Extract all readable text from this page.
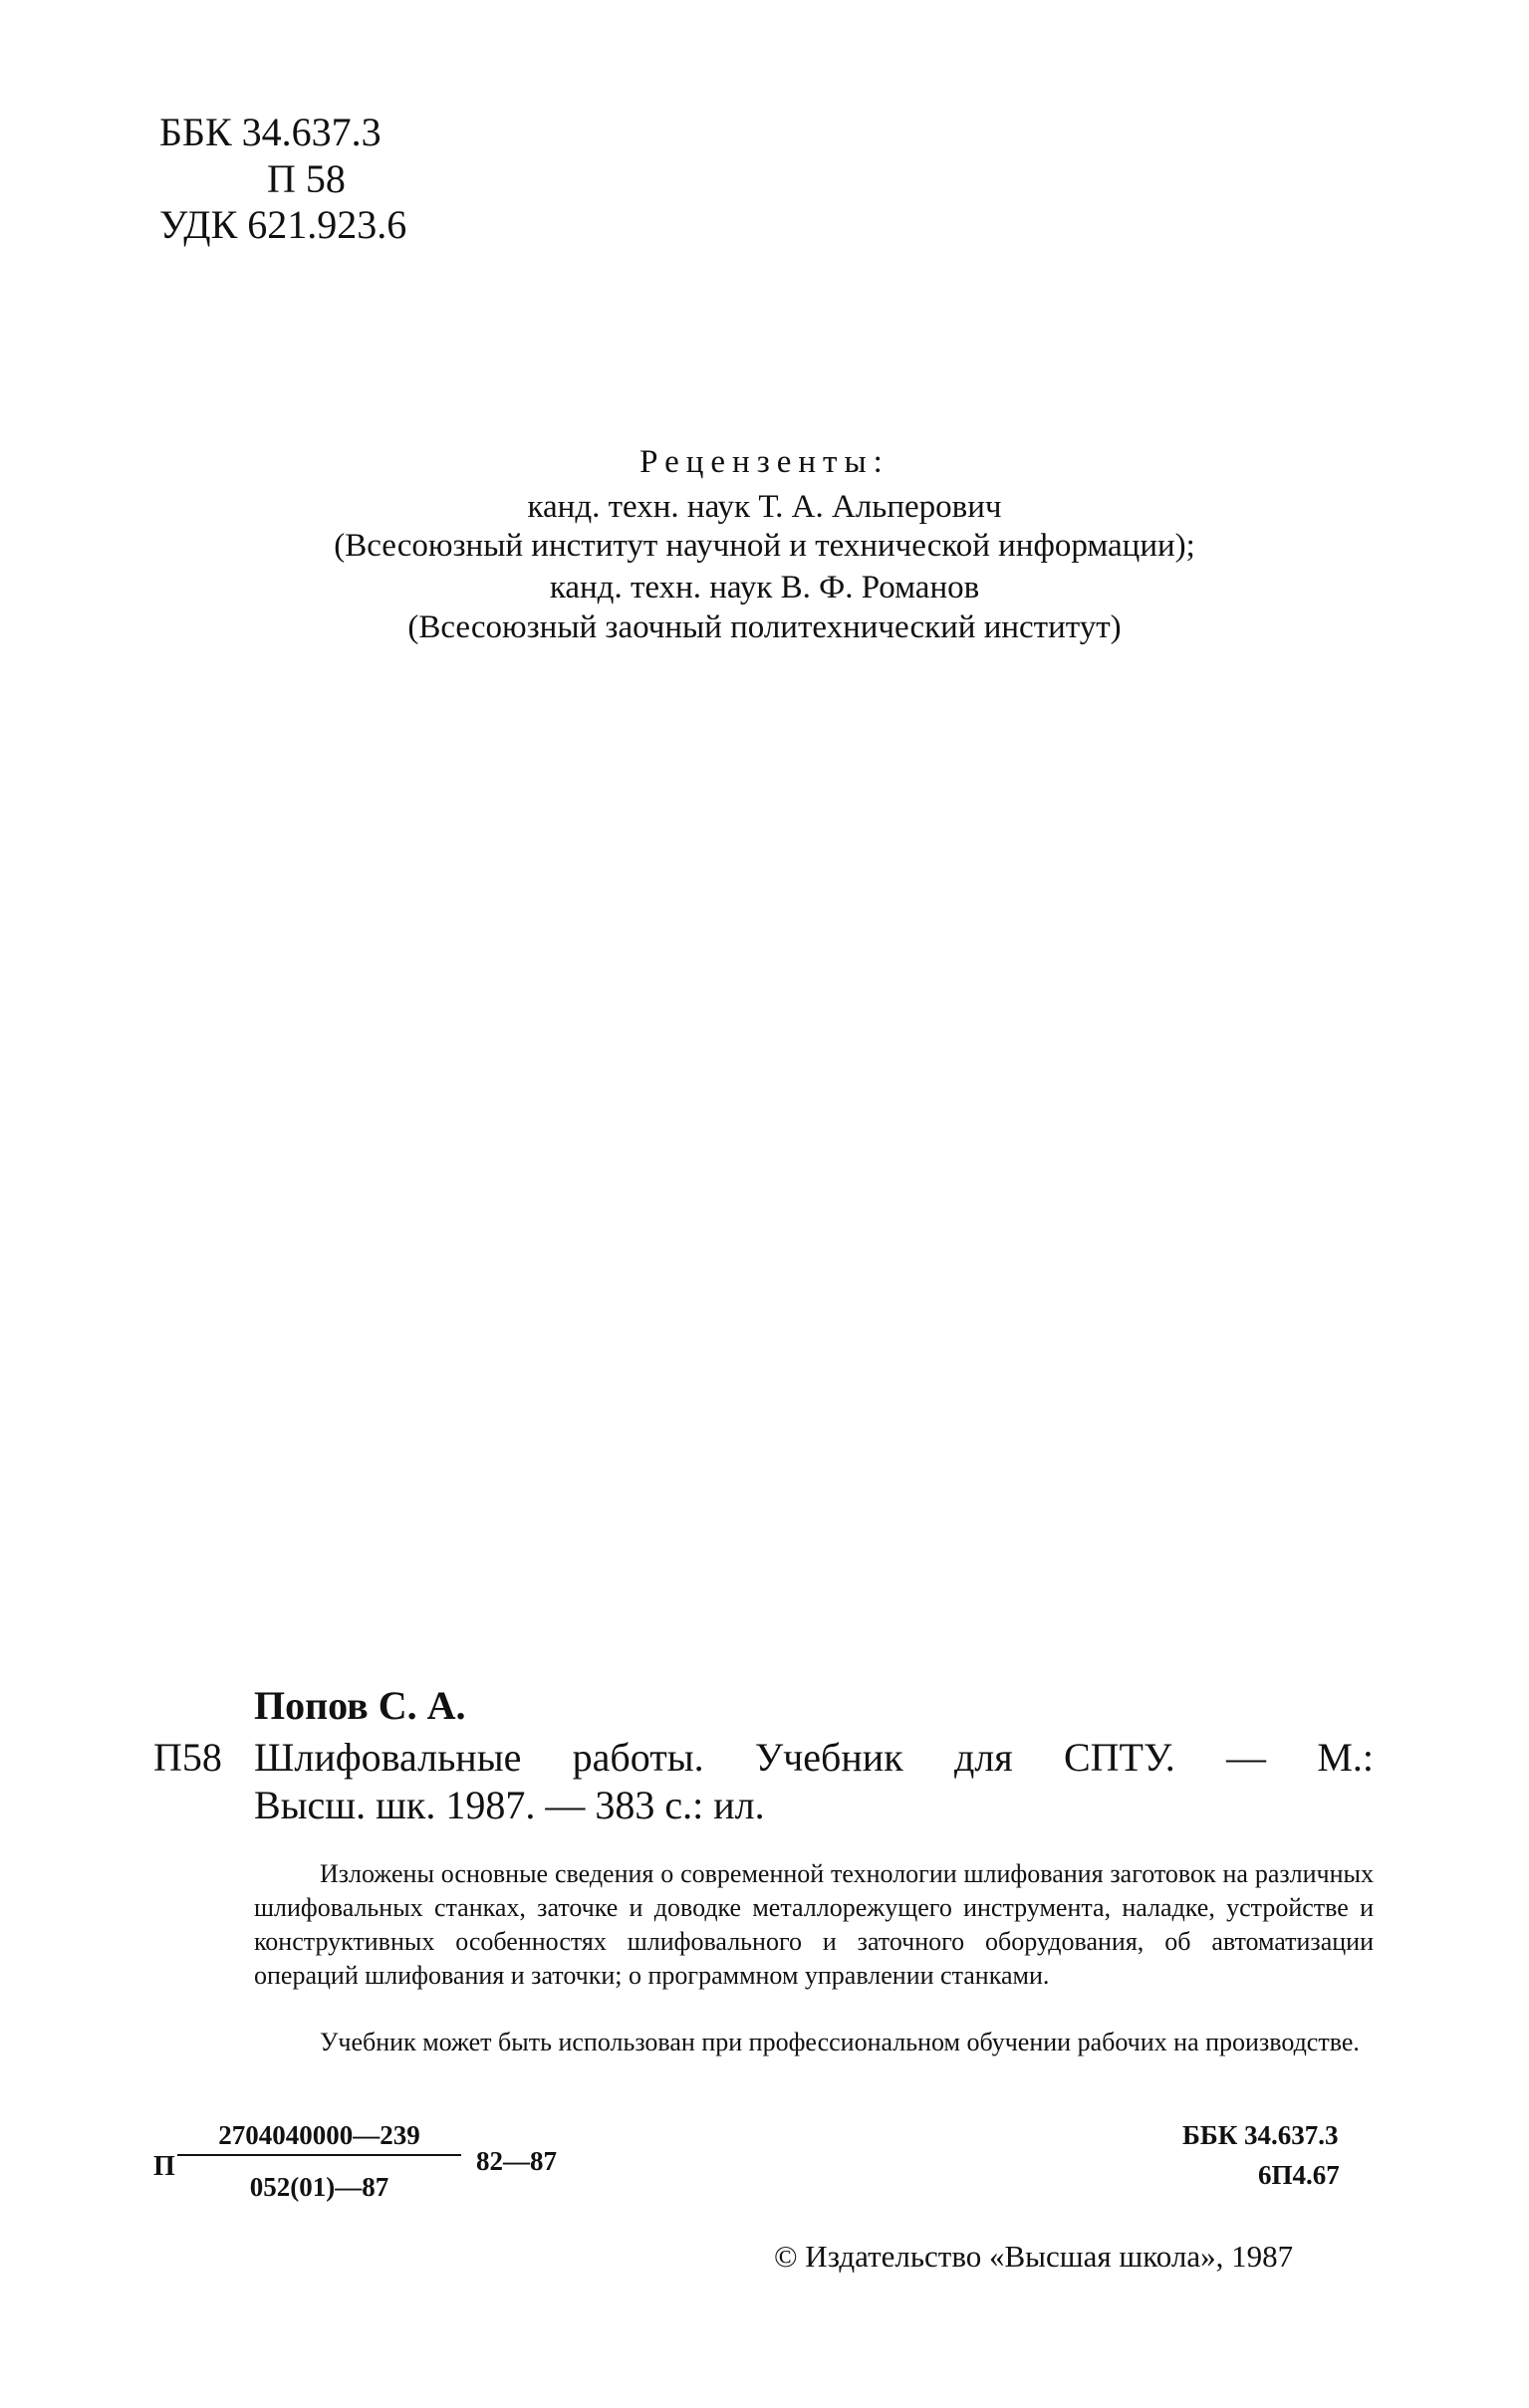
ББК 34.637.3
П 58
УДК 621.923.6
Рецензенты:
канд. техн. наук Т. А. Альперович
(Всесоюзный институт научной и технической информации);
канд. техн. наук В. Ф. Романов
(Всесоюзный заочный политехнический институт)
Попов С. А.
П58 Шлифовальные работы. Учебник для СПТУ. — М.:
Высш. шк. 1987. — 383 с.: ил.
Изложены основные сведения о современной технологии шлифования заготовок на различных шлифовальных станках, заточке и доводке металлорежущего инструмента, наладке, устройстве и конструктивных особенностях шлифовального и заточного оборудования, об автоматизации операций шлифования и заточки; о программном управлении станками.
Учебник может быть использован при профессиональном обучении рабочих на производстве.
П
2704040000—239
052(01)—87
82—87
ББК 34.637.3
6П4.67
© Издательство «Высшая школа», 1987
